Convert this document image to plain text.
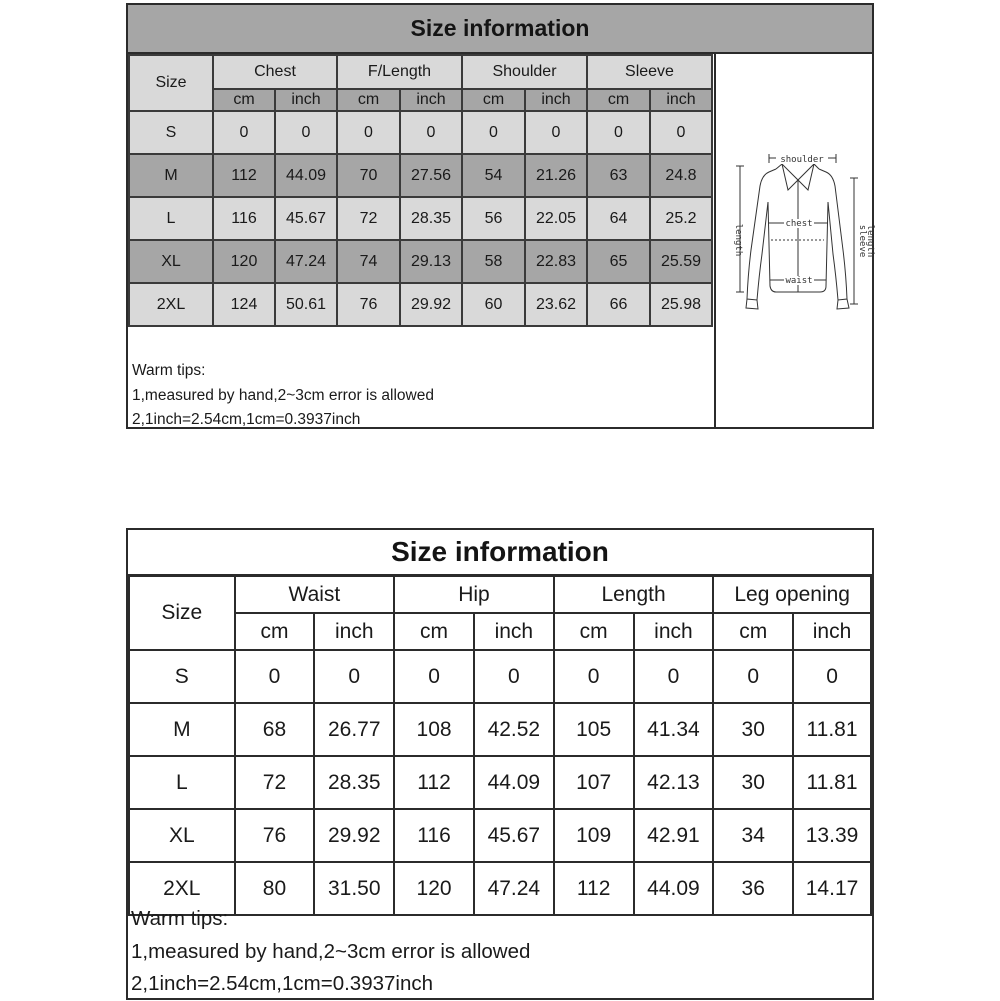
Size information
Size	Chest		F/Length		Shoulder		Sleeve	
	cm	inch	cm	inch	cm	inch	cm	inch
S	0	0	0	0	0	0	0	0
M	112	44.09	70	27.56	54	21.26	63	24.8
L	116	45.67	72	28.35	56	22.05	64	25.2
XL	120	47.24	74	29.13	58	22.83	65	25.59
2XL	124	50.61	76	29.92	60	23.62	66	25.98
Warm tips:
1,measured by hand,2~3cm error is allowed
2,1inch=2.54cm,1cm=0.3937inch
shoulder
chest
waist
length	sleeve
length
Size information
Size	Waist		Hip		Length		Leg opening	
	cm	inch	cm	inch	cm	inch	cm	inch
S	0	0	0	0	0	0	0	0
M	68	26.77	108	42.52	105	41.34	30	11.81
L	72	28.35	112	44.09	107	42.13	30	11.81
XL	76	29.92	116	45.67	109	42.91	34	13.39
2XL	80	31.50	120	47.24	112	44.09	36	14.17
Warm tips:
1,measured by hand,2~3cm error is allowed
2,1inch=2.54cm,1cm=0.3937inch
